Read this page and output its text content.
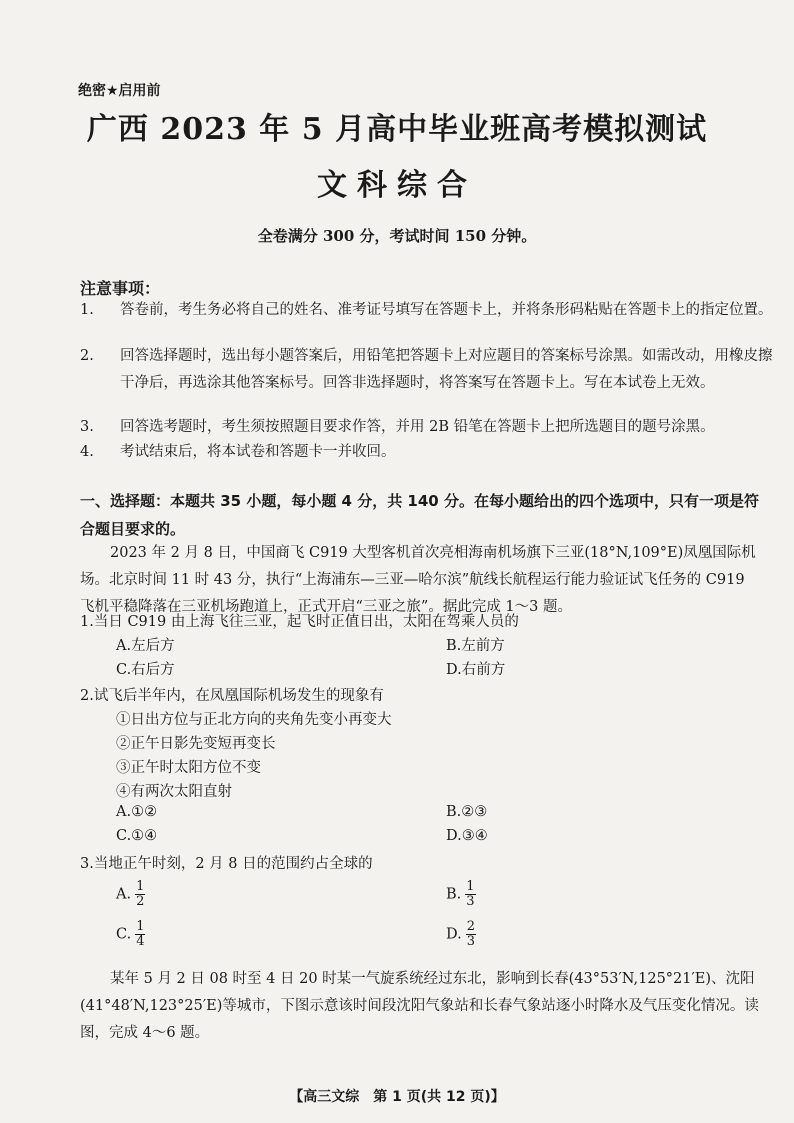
绝密★启用前
广西 2023 年 5 月高中毕业班高考模拟测试
文科综合
全卷满分 300 分，考试时间 150 分钟。
注意事项：
1. 答卷前，考生务必将自己的姓名、准考证号填写在答题卡上，并将条形码粘贴在答题卡上的指定位置。
2. 回答选择题时，选出每小题答案后，用铅笔把答题卡上对应题目的答案标号涂黑。如需改动，用橡皮擦干净后，再选涂其他答案标号。回答非选择题时，将答案写在答题卡上。写在本试卷上无效。
3. 回答选考题时，考生须按照题目要求作答，并用 2B 铅笔在答题卡上把所选题目的题号涂黑。
4. 考试结束后，将本试卷和答题卡一并收回。
一、选择题：本题共 35 小题，每小题 4 分，共 140 分。在每小题给出的四个选项中，只有一项是符合题目要求的。
2023 年 2 月 8 日，中国商飞 C919 大型客机首次亮相海南机场旗下三亚(18°N,109°E)凤凰国际机场。北京时间 11 时 43 分，执行“上海浦东—三亚—哈尔滨”航线长航程运行能力验证试飞任务的 C919 飞机平稳降落在三亚机场跑道上，正式开启“三亚之旅”。据此完成 1～3 题。
1.当日 C919 由上海飞往三亚，起飞时正值日出，太阳在驾乘人员的
A.左后方	B.左前方
C.右后方	D.右前方
2.试飞后半年内，在凤凰国际机场发生的现象有
①日出方位与正北方向的夹角先变小再变大
②正午日影先变短再变长
③正午时太阳方位不变
④有两次太阳直射
A.①②	B.②③
C.①④	D.③④
3.当地正午时刻，2 月 8 日的范围约占全球的
A. $\frac{1}{2}$	B. $\frac{1}{3}$
C. $\frac{1}{4}$	D. $\frac{2}{3}$
某年 5 月 2 日 08 时至 4 日 20 时某一气旋系统经过东北，影响到长春(43°53′N,125°21′E)、沈阳(41°48′N,123°25′E)等城市，下图示意该时间段沈阳气象站和长春气象站逐小时降水及气压变化情况。读图，完成 4～6 题。
【高三文综　第 1 页(共 12 页)】
